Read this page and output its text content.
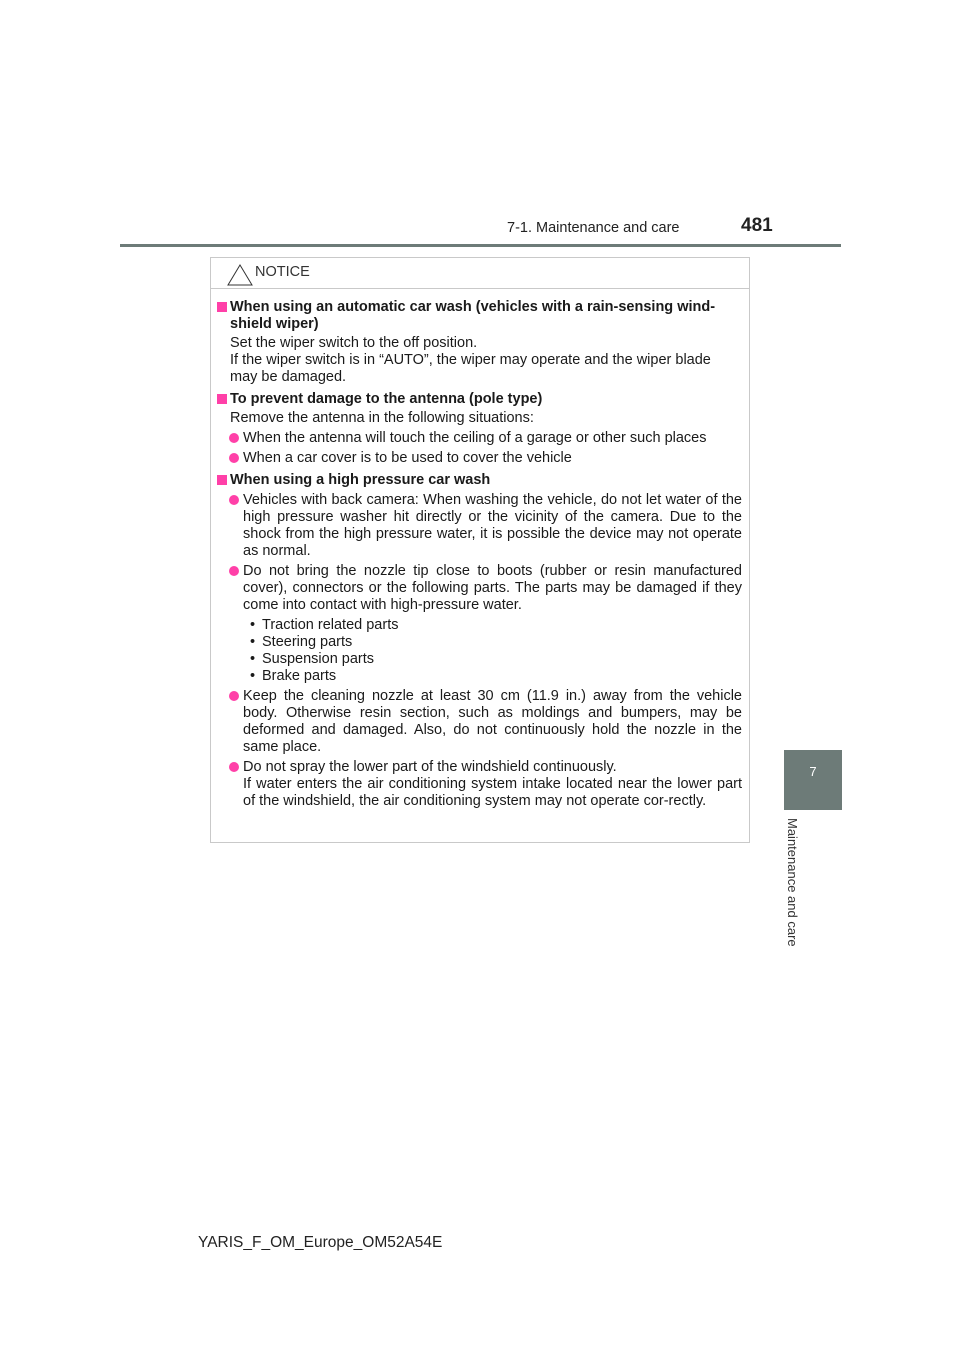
7-1. Maintenance and care	481
7
Maintenance and care
NOTICE
When using an automatic car wash (vehicles with a rain-sensing wind-shield wiper)

Set the wiper switch to the off position.

If the wiper switch is in “AUTO”, the wiper may operate and the wiper blade may be damaged.

To prevent damage to the antenna (pole type)

Remove the antenna in the following situations:

When the antenna will touch the ceiling of a garage or other such places
When a car cover is to be used to cover the vehicle
When using a high pressure car wash
Vehicles with back camera: When washing the vehicle, do not let water of the high pressure washer hit directly or the vicinity of the camera. Due to the shock from the high pressure water, it is possible the device may not operate as normal.
Do not bring the nozzle tip close to boots (rubber or resin manufactured cover), connectors or the following parts. The parts may be damaged if they come into contact with high-pressure water.
• Traction related parts
• Steering parts
• Suspension parts
• Brake parts
Keep the cleaning nozzle at least 30 cm (11.9 in.) away from the vehicle body. Otherwise resin section, such as moldings and bumpers, may be deformed and damaged. Also, do not continuously hold the nozzle in the same place.
Do not spray the lower part of the windshield continuously.
If water enters the air conditioning system intake located near the lower part of the windshield, the air conditioning system may not operate cor-rectly.
YARIS_F_OM_Europe_OM52A54E
